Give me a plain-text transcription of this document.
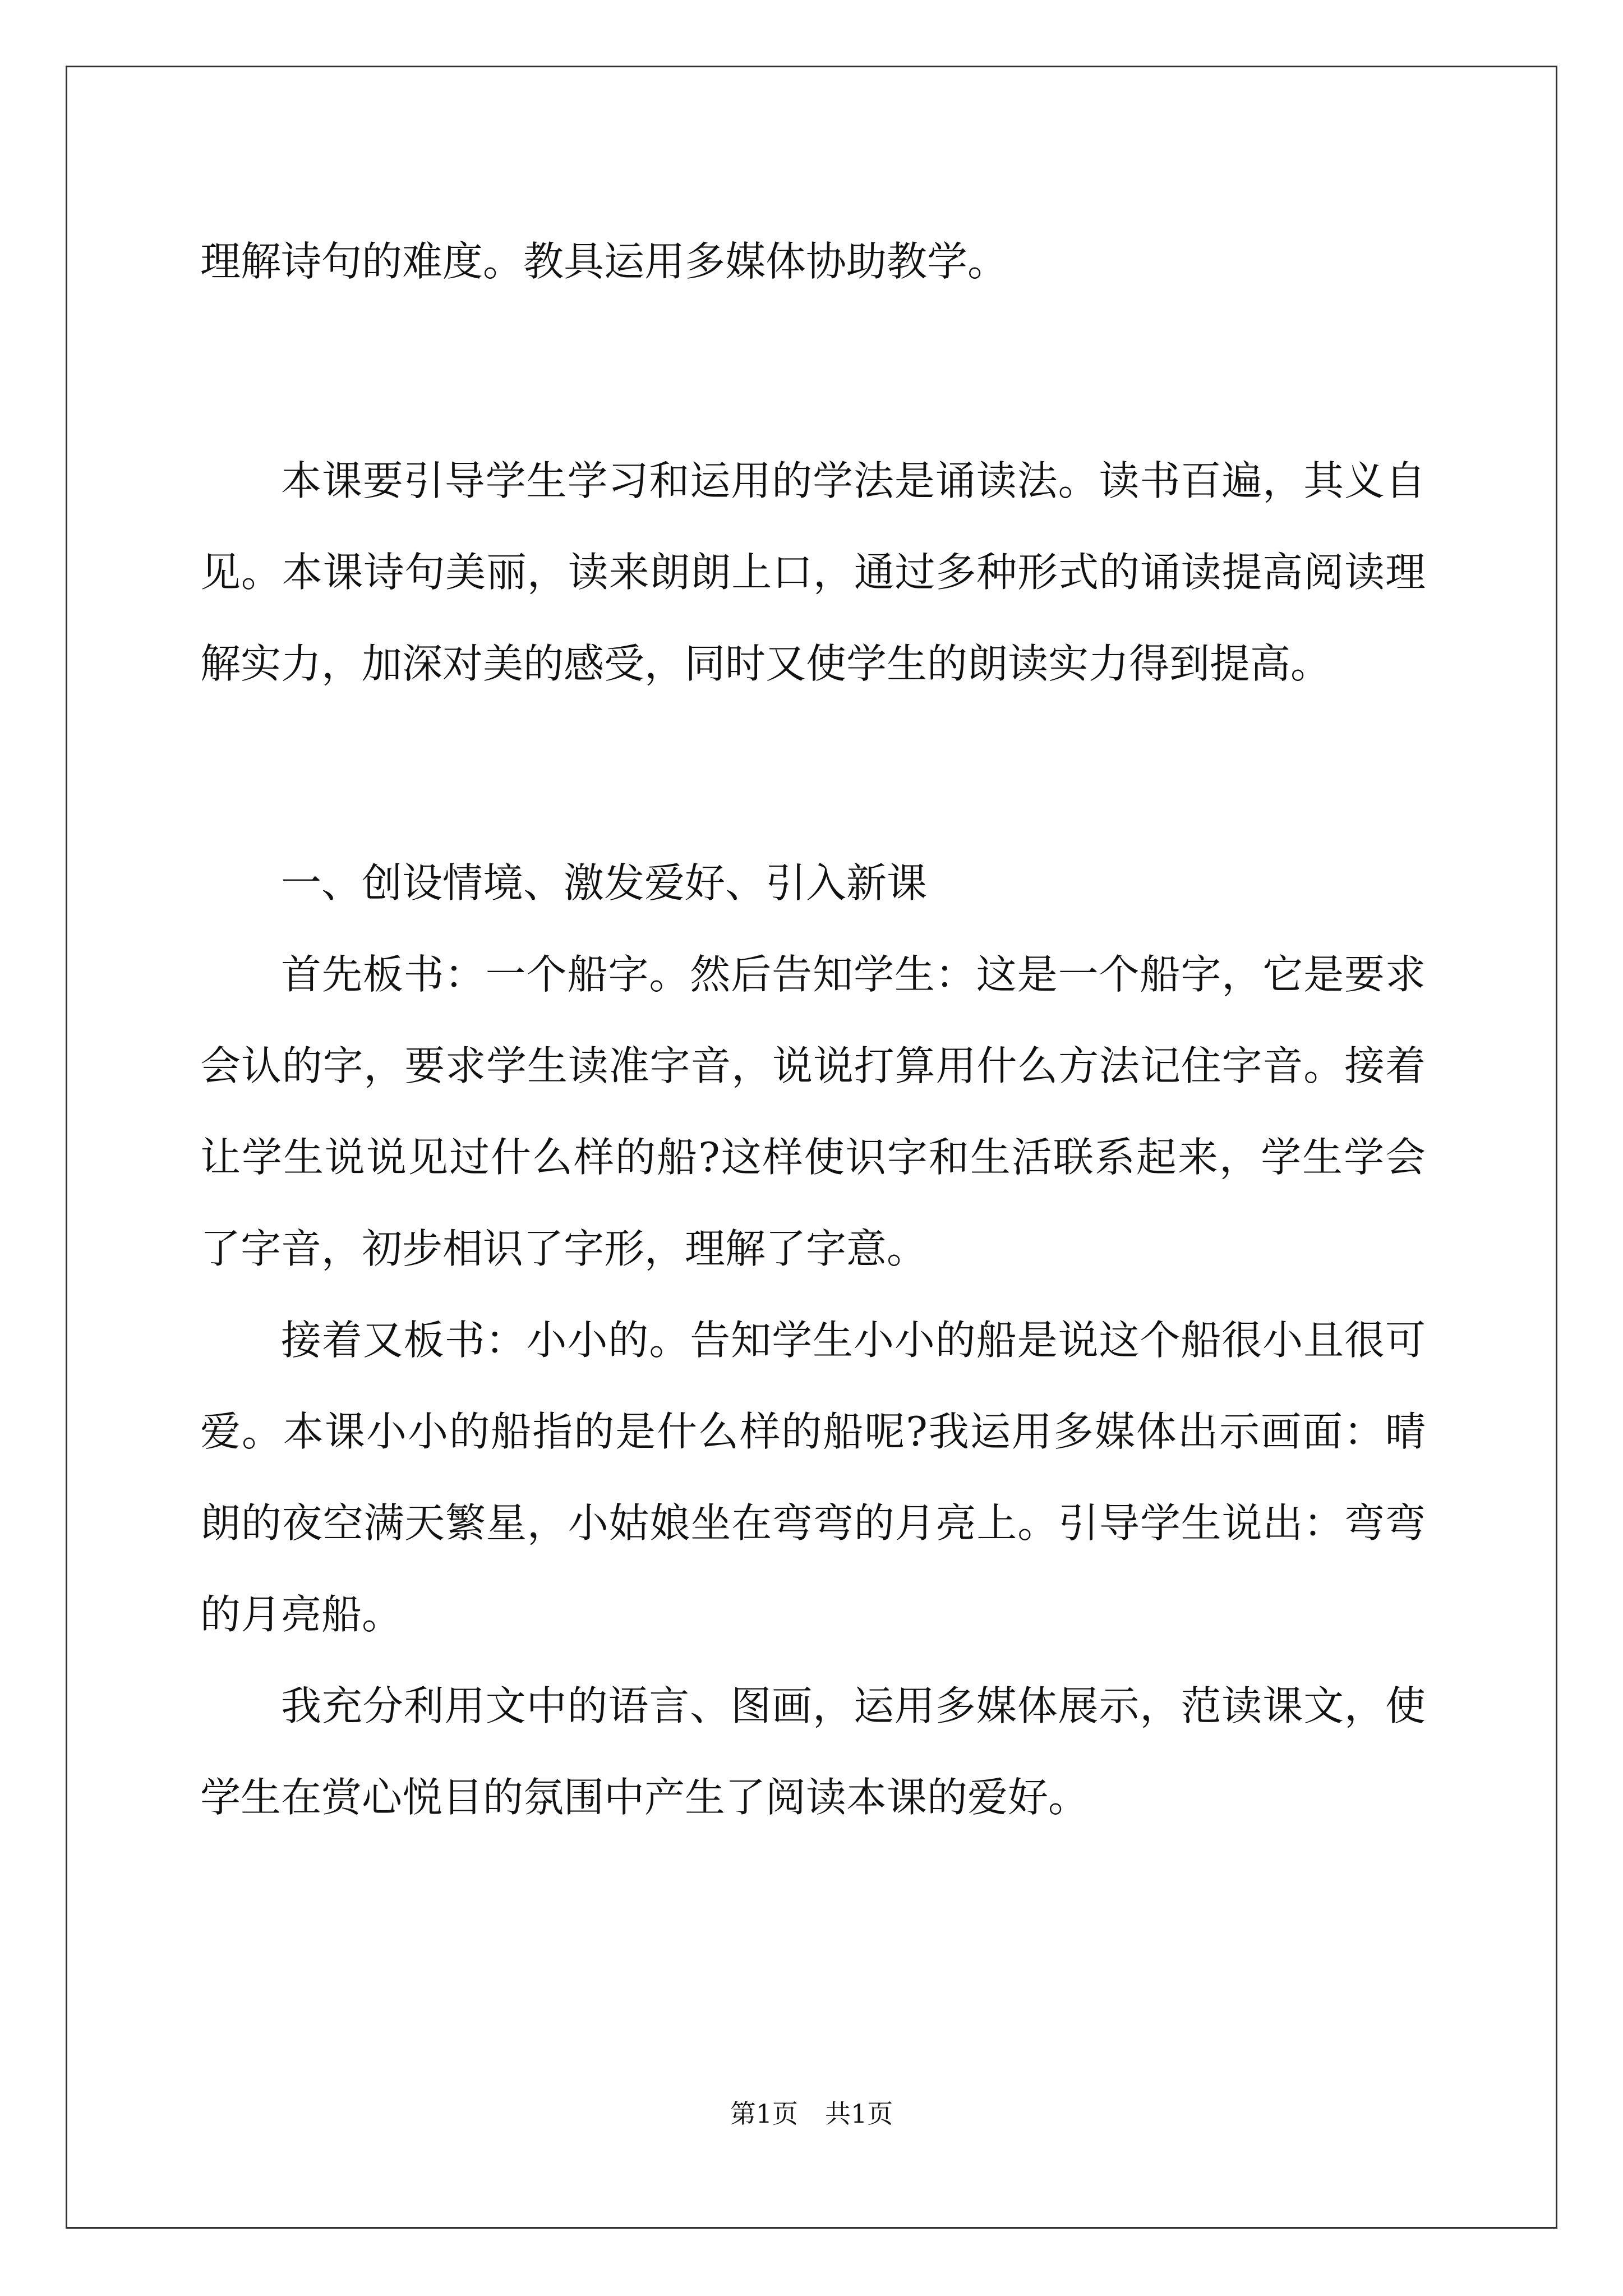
理解诗句的难度。教具运用多媒体协助教学。

本课要引导学生学习和运用的学法是诵读法。读书百遍，其义自见。本课诗句美丽，读来朗朗上口，通过多种形式的诵读提高阅读理解实力，加深对美的感受，同时又使学生的朗读实力得到提高。

一、创设情境、激发爱好、引入新课

首先板书：一个船字。然后告知学生：这是一个船字，它是要求会认的字，要求学生读准字音，说说打算用什么方法记住字音。接着让学生说说见过什么样的船?这样使识字和生活联系起来，学生学会了字音，初步相识了字形，理解了字意。

接着又板书：小小的。告知学生小小的船是说这个船很小且很可爱。本课小小的船指的是什么样的船呢?我运用多媒体出示画面：晴朗的夜空满天繁星，小姑娘坐在弯弯的月亮上。引导学生说出：弯弯的月亮船。

我充分利用文中的语言、图画，运用多媒体展示，范读课文，使学生在赏心悦目的氛围中产生了阅读本课的爱好。

第1页 共1页
